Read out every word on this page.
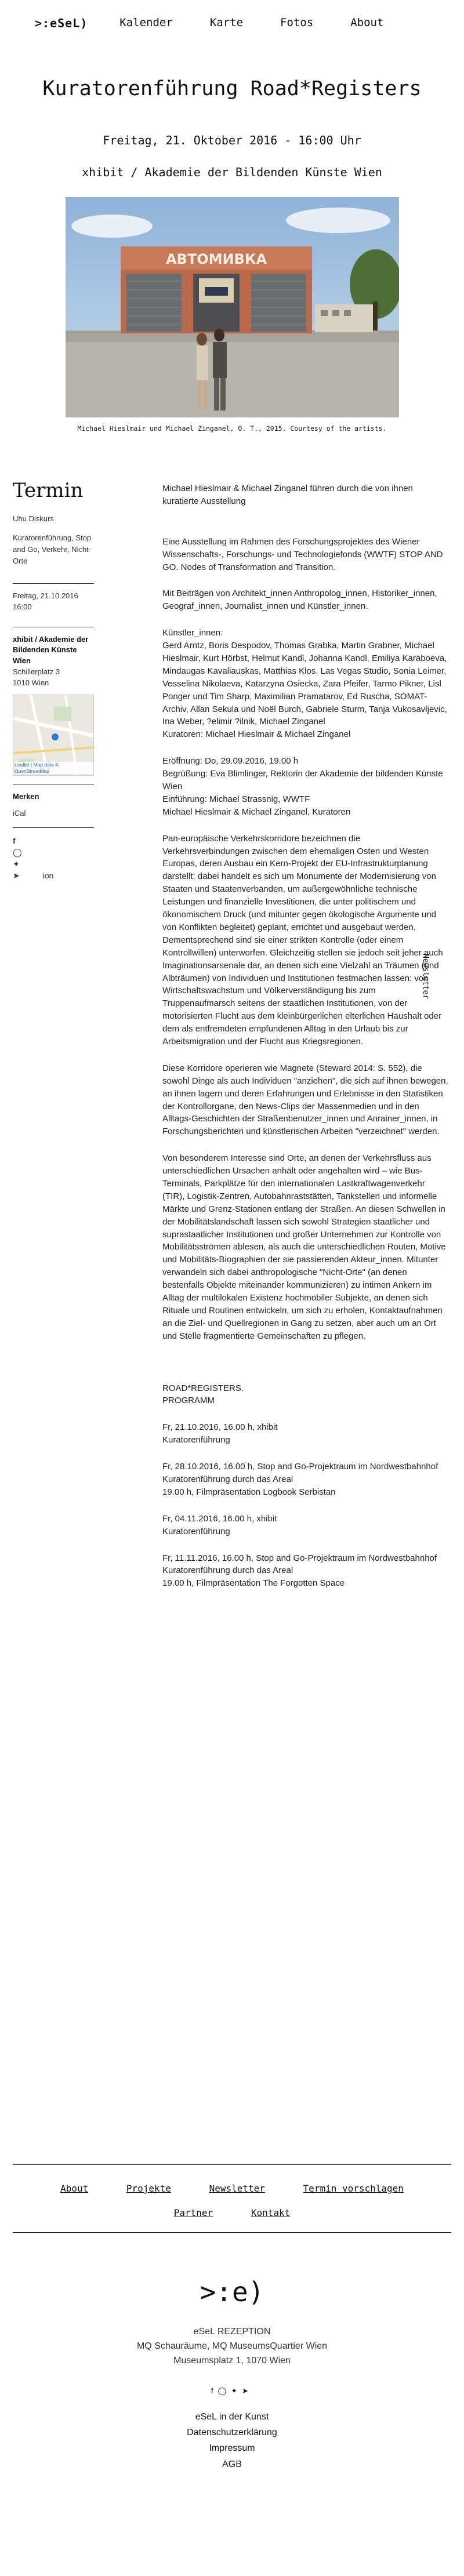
>:eSeL)	Kalender	Karte	Fotos	About
Kuratorenführung Road*Registers
Freitag, 21. Oktober 2016 - 16:00 Uhr
xhibit / Akademie der Bildenden Künste Wien
АВТОМИВКА
Michael Hieslmair und Michael Zinganel, O. T., 2015. Courtesy of the artists.
Termin
Uhu Diskurs
Kuratorenführung, Stop and Go, Verkehr, Nicht-Orte
Freitag, 21.10.2016
16:00
xhibit / Akademie der Bildenden Künste Wien
Schillerplatz 3
1010 Wien
Leaflet | Map data © OpenStreetMap
Merken
iCal
f
◯
✦
➤	ion

Michael Hieslmair & Michael Zinganel führen durch die von ihnen kuratierte Ausstellung

Eine Ausstellung im Rahmen des Forschungsprojektes des Wiener Wissenschafts-, Forschungs- und Technologiefonds (WWTF) STOP AND GO. Nodes of Transformation and Transition.

Mit Beiträgen von Architekt_innen Anthropolog_innen, Historiker_innen, Geograf_innen, Journalist_innen und Künstler_innen.

Künstler_innen:
Gerd Arntz, Boris Despodov, Thomas Grabka, Martin Grabner, Michael Hieslmair, Kurt Hörbst, Helmut Kandl, Johanna Kandl, Emiliya Karaboeva, Mindaugas Kavaliauskas, Matthias Klos, Las Vegas Studio, Sonia Leimer, Vesselina Nikolaeva, Katarzyna Osiecka, Zara Pfeifer, Tarmo Pikner, Lisl Ponger und Tim Sharp, Maximilian Pramatarov, Ed Ruscha, SOMAT-Archiv, Allan Sekula und Noël Burch, Gabriele Sturm, Tanja Vukosavljevic, Ina Weber, ?elimir ?ilnik, Michael Zinganel
Kuratoren: Michael Hieslmair & Michael Zinganel

Eröffnung: Do, 29.09.2016, 19.00 h
Begrüßung: Eva Blimlinger, Rektorin der Akademie der bildenden Künste Wien
Einführung: Michael Strassnig, WWTF
Michael Hieslmair & Michael Zinganel, Kuratoren

Pan-europäische Verkehrskorridore bezeichnen die Verkehrsverbindungen zwischen dem ehemaligen Osten und Westen Europas, deren Ausbau ein Kern-Projekt der EU-Infrastrukturplanung darstellt: dabei handelt es sich um Monumente der Modernisierung von Staaten und Staatenverbänden, um außergewöhnliche technische Leistungen und finanzielle Investitionen, die unter politischem und ökonomischem Druck (und mitunter gegen ökologische Argumente und von Konflikten begleitet) geplant, errichtet und ausgebaut werden. Dementsprechend sind sie einer strikten Kontrolle (oder einem Kontrollwillen) unterworfen. Gleichzeitig stellen sie jedoch seit jeher auch Imaginationsarsenale dar, an denen sich eine Vielzahl an Träumen (und Albträumen) von Individuen und Institutionen festmachen lassen: von Wirtschaftswachstum und Völkerverständigung bis zum Truppenaufmarsch seitens der staatlichen Institutionen, von der motorisierten Flucht aus dem kleinbürgerlichen elterlichen Haushalt oder dem als entfremdeten empfundenen Alltag in den Urlaub bis zur Arbeitsmigration und der Flucht aus Kriegsregionen.

Diese Korridore operieren wie Magnete (Steward 2014: S. 552), die sowohl Dinge als auch Individuen "anziehen", die sich auf ihnen bewegen, an ihnen lagern und deren Erfahrungen und Erlebnisse in den Statistiken der Kontrollorgane, den News-Clips der Massenmedien und in den Alltags-Geschichten der Straßenbenutzer_innen und Anrainer_innen, in Forschungsberichten und künstlerischen Arbeiten "verzeichnet" werden.

Von besonderem Interesse sind Orte, an denen der Verkehrsfluss aus unterschiedlichen Ursachen anhält oder angehalten wird – wie Bus-Terminals, Parkplätze für den internationalen Lastkraftwagenverkehr (TIR), Logistik-Zentren, Autobahnraststätten, Tankstellen und informelle Märkte und Grenz-Stationen entlang der Straßen. An diesen Schwellen in der Mobilitätslandschaft lassen sich sowohl Strategien staatlicher und suprastaatlicher Institutionen und großer Unternehmen zur Kontrolle von Mobilitätsströmen ablesen, als auch die unterschiedlichen Routen, Motive und Mobilitäts-Biographien der sie passierenden Akteur_innen. Mitunter verwandeln sich dabei anthropologische "Nicht-Orte" (an denen bestenfalls Objekte miteinander kommunizieren) zu intimen Ankern im Alltag der multilokalen Existenz hochmobiler Subjekte, an denen sich Rituale und Routinen entwickeln, um sich zu erholen, Kontaktaufnahmen an die Ziel- und Quellregionen in Gang zu setzen, aber auch um an Ort und Stelle fragmentierte Gemeinschaften zu pflegen.

ROAD*REGISTERS.
PROGRAMM

Fr, 21.10.2016, 16.00 h, xhibit
Kuratorenführung

Fr, 28.10.2016, 16.00 h, Stop and Go-Projektraum im Nordwestbahnhof
Kuratorenführung durch das Areal
19.00 h, Filmpräsentation Logbook Serbistan

Fr, 04.11.2016, 16.00 h, xhibit
Kuratorenführung

Fr, 11.11.2016, 16.00 h, Stop and Go-Projektraum im Nordwestbahnhof
Kuratorenführung durch das Areal
19.00 h, Filmpräsentation The Forgotten Space

Newsletter
About	Projekte	Newsletter	Termin vorschlagen
Partner	Kontakt
>:e)
eSeL REZEPTION
MQ Schauräume, MQ MuseumsQuartier Wien
Museumsplatz 1, 1070 Wien
f◯✦➤
eSeL in der Kunst
Datenschutzerklärung
Impressum
AGB
